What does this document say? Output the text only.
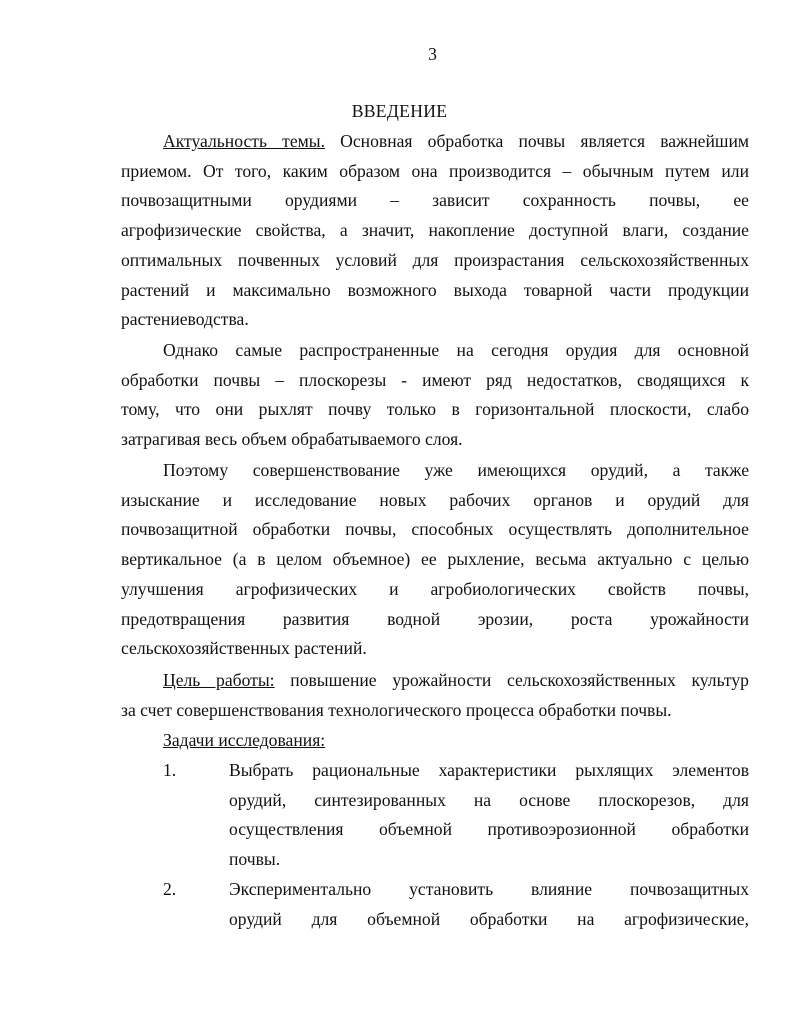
3
ВВЕДЕНИЕ
Актуальность темы. Основная обработка почвы является важнейшим
приемом. От того, каким образом она производится – обычным путем или
почвозащитными орудиями – зависит сохранность почвы, ее
агрофизические свойства, а значит, накопление доступной влаги, создание
оптимальных почвенных условий для произрастания сельскохозяйственных
растений и максимально возможного выхода товарной части продукции
растениеводства.
Однако самые распространенные на сегодня орудия для основной
обработки почвы – плоскорезы - имеют ряд недостатков, сводящихся к
тому, что они рыхлят почву только в горизонтальной плоскости, слабо
затрагивая весь объем обрабатываемого слоя.
Поэтому совершенствование уже имеющихся орудий, а также
изыскание и исследование новых рабочих органов и орудий для
почвозащитной обработки почвы, способных осуществлять дополнительное
вертикальное (а в целом объемное) ее рыхление, весьма актуально с целью
улучшения агрофизических и агробиологических свойств почвы,
предотвращения развития водной эрозии, роста урожайности
сельскохозяйственных растений.
Цель работы: повышение урожайности сельскохозяйственных культур
за счет совершенствования технологического процесса обработки почвы.
Задачи исследования:
1.	Выбрать рациональные характеристики рыхлящих элементов
орудий, синтезированных на основе плоскорезов, для
осуществления объемной противоэрозионной обработки
почвы.
2.	Экспериментально установить влияние почвозащитных
орудий для объемной обработки на агрофизические,
